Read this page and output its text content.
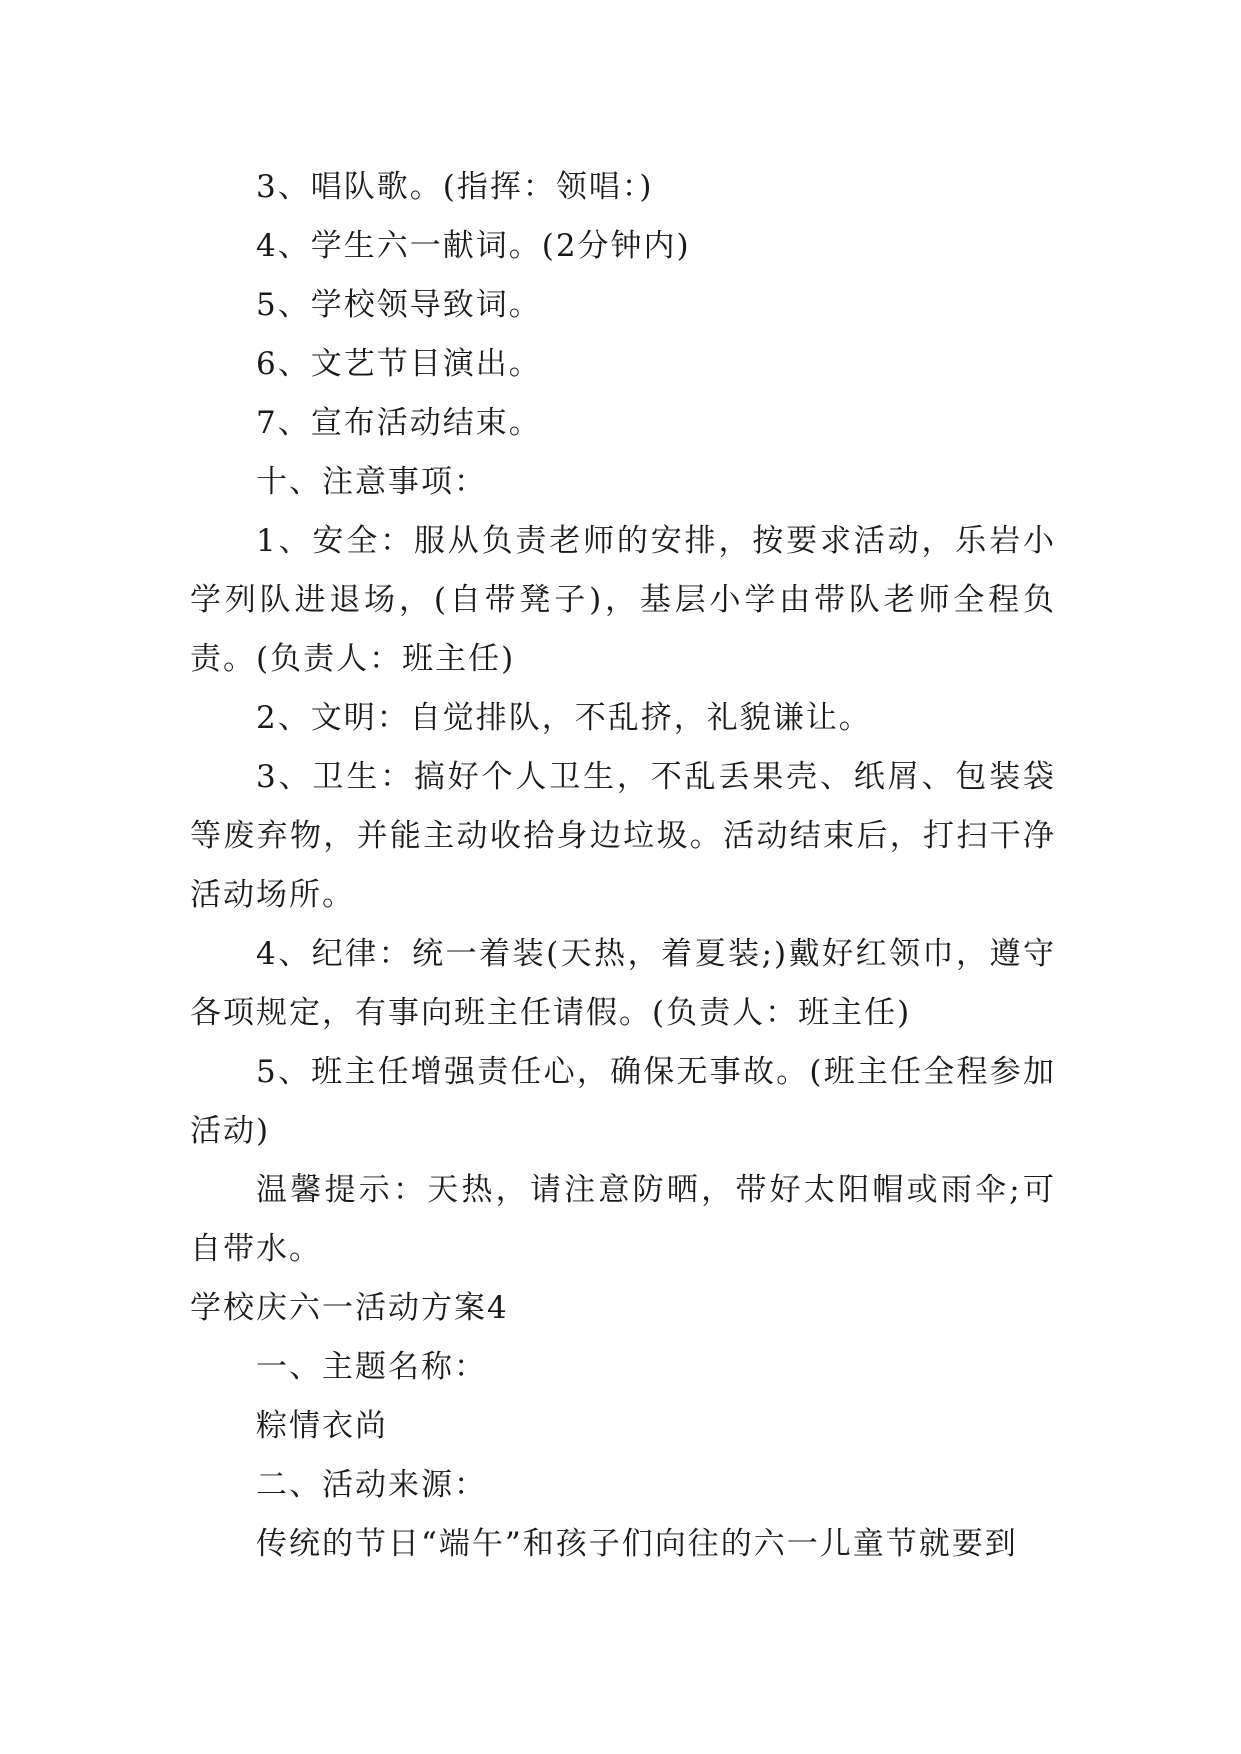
3、唱队歌。(指挥：领唱：)

4、学生六一献词。(2分钟内)

5、学校领导致词。

6、文艺节目演出。

7、宣布活动结束。

十、注意事项：

1、安全：服从负责老师的安排，按要求活动，乐岩小学列队进退场，(自带凳子)，基层小学由带队老师全程负责。(负责人：班主任)

2、文明：自觉排队，不乱挤，礼貌谦让。

3、卫生：搞好个人卫生，不乱丢果壳、纸屑、包装袋等废弃物，并能主动收拾身边垃圾。活动结束后，打扫干净活动场所。

4、纪律：统一着装(天热，着夏装;)戴好红领巾，遵守各项规定，有事向班主任请假。(负责人：班主任)

5、班主任增强责任心，确保无事故。(班主任全程参加活动)

温馨提示：天热，请注意防晒，带好太阳帽或雨伞;可自带水。

学校庆六一活动方案4

一、主题名称：

粽情衣尚

二、活动来源：

传统的节日“端午”和孩子们向往的六一儿童节就要到
